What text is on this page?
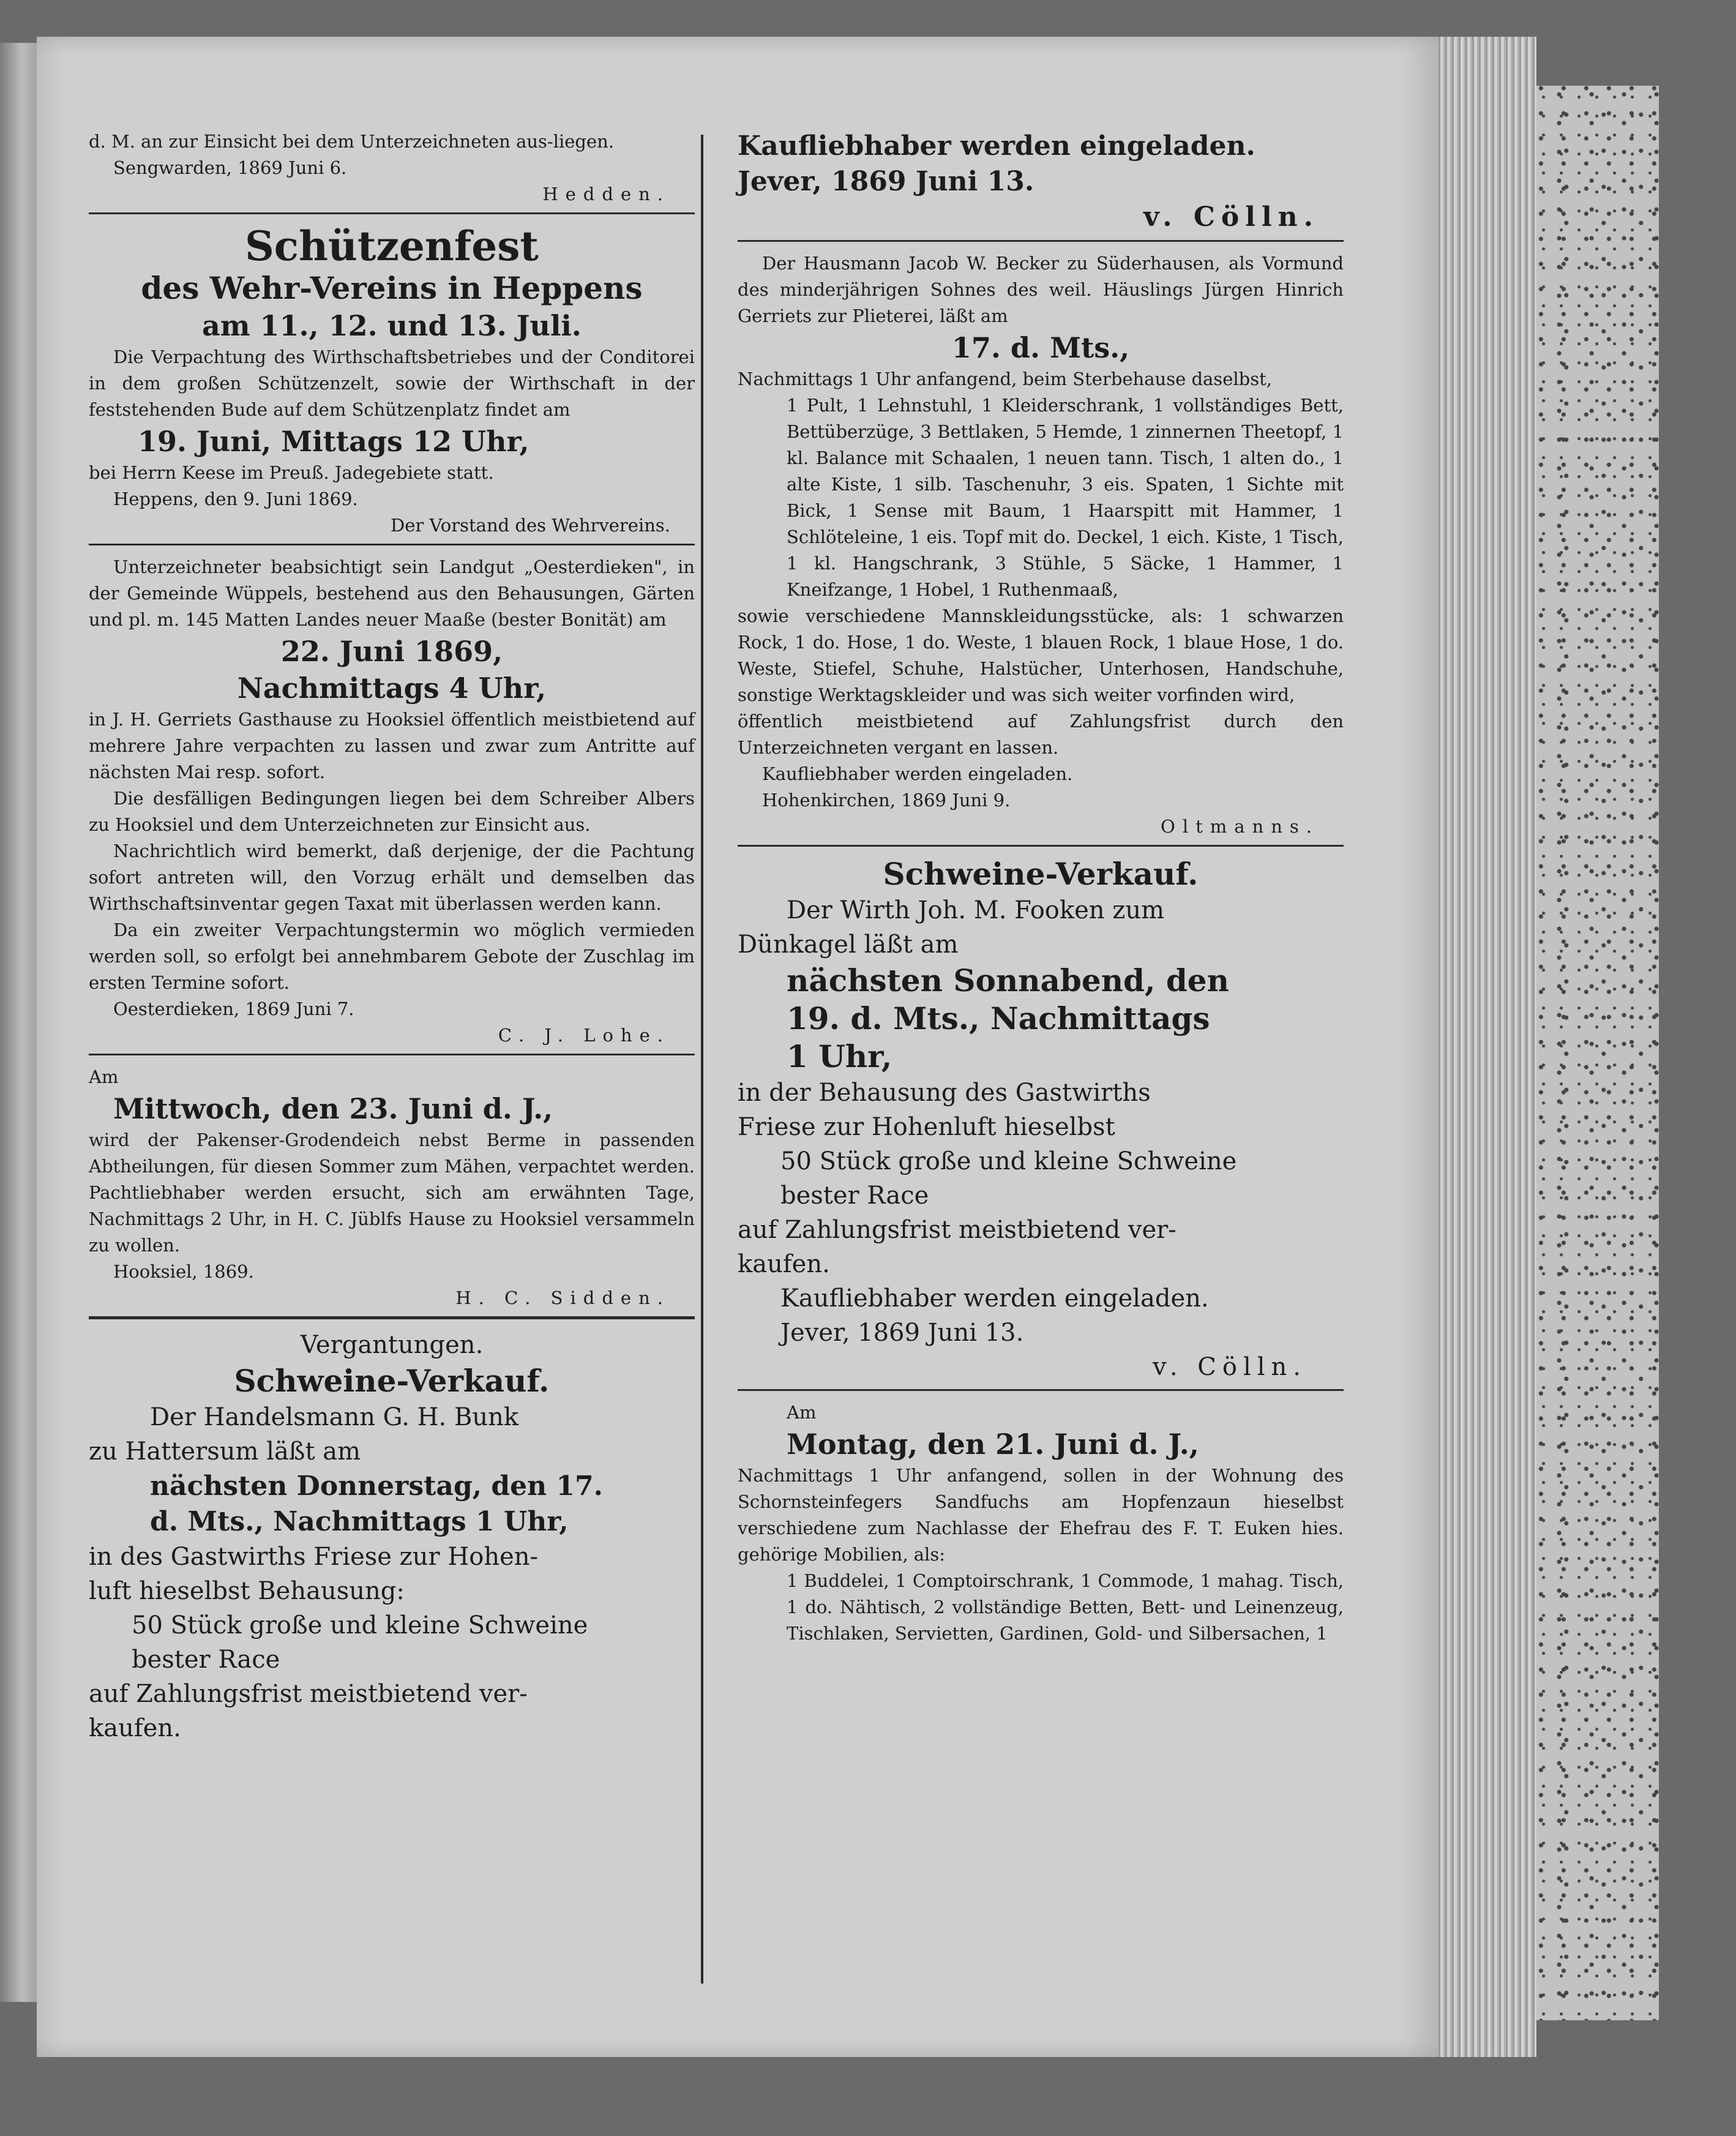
d. M. an zur Einsicht bei dem Unterzeichneten aus-liegen.

Sengwarden, 1869 Juni 6.

Hedden.

Schützenfest
des Wehr-Vereins in Heppens
am 11., 12. und 13. Juli.

Die Verpachtung des Wirthschaftsbetriebes und der Conditorei in dem großen Schützenzelt, sowie der Wirthschaft in der feststehenden Bude auf dem Schützenplatz findet am

19. Juni, Mittags 12 Uhr,

bei Herrn Keese im Preuß. Jadegebiete statt.

Heppens, den 9. Juni 1869.

Der Vorstand des Wehrvereins.

Unterzeichneter beabsichtigt sein Landgut „Oesterdieken", in der Gemeinde Wüppels, bestehend aus den Behausungen, Gärten und pl. m. 145 Matten Landes neuer Maaße (bester Bonität) am

22. Juni 1869,
Nachmittags 4 Uhr,

in J. H. Gerriets Gasthause zu Hooksiel öffentlich meistbietend auf mehrere Jahre verpachten zu lassen und zwar zum Antritte auf nächsten Mai resp. sofort.

Die desfälligen Bedingungen liegen bei dem Schreiber Albers zu Hooksiel und dem Unterzeichneten zur Einsicht aus.

Nachrichtlich wird bemerkt, daß derjenige, der die Pachtung sofort antreten will, den Vorzug erhält und demselben das Wirthschaftsinventar gegen Taxat mit überlassen werden kann.

Da ein zweiter Verpachtungstermin wo möglich vermieden werden soll, so erfolgt bei annehmbarem Gebote der Zuschlag im ersten Termine sofort.

Oesterdieken, 1869 Juni 7.

C. J. Lohe.

Am

Mittwoch, den 23. Juni d. J.,

wird der Pakenser-Grodendeich nebst Berme in passenden Abtheilungen, für diesen Sommer zum Mähen, verpachtet werden. Pachtliebhaber werden ersucht, sich am erwähnten Tage, Nachmittags 2 Uhr, in H. C. Jüblfs Hause zu Hooksiel versammeln zu wollen.

Hooksiel, 1869.

H. C. Sidden.

Vergantungen.
Schweine-Verkauf.
Der Handelsmann G. H. Bunk
zu Hattersum läßt am
nächsten Donnerstag, den 17.
d. Mts., Nachmittags 1 Uhr,
in des Gastwirths Friese zur Hohen-
luft hieselbst Behausung:
50 Stück große und kleine Schweine
bester Race
auf Zahlungsfrist meistbietend ver-
kaufen.
Kaufliebhaber werden eingeladen.
Jever, 1869 Juni 13.
v. Cölln.

Der Hausmann Jacob W. Becker zu Süderhausen, als Vormund des minderjährigen Sohnes des weil. Häuslings Jürgen Hinrich Gerriets zur Plieterei, läßt am

17. d. Mts.,

Nachmittags 1 Uhr anfangend, beim Sterbehause daselbst,

1 Pult, 1 Lehnstuhl, 1 Kleiderschrank, 1 vollständiges Bett, Bettüberzüge, 3 Bettlaken, 5 Hemde, 1 zinnernen Theetopf, 1 kl. Balance mit Schaalen, 1 neuen tann. Tisch, 1 alten do., 1 alte Kiste, 1 silb. Taschenuhr, 3 eis. Spaten, 1 Sichte mit Bick, 1 Sense mit Baum, 1 Haarspitt mit Hammer, 1 Schlöteleine, 1 eis. Topf mit do. Deckel, 1 eich. Kiste, 1 Tisch, 1 kl. Hangschrank, 3 Stühle, 5 Säcke, 1 Hammer, 1 Kneifzange, 1 Hobel, 1 Ruthenmaaß,

sowie verschiedene Mannskleidungsstücke, als: 1 schwarzen Rock, 1 do. Hose, 1 do. Weste, 1 blauen Rock, 1 blaue Hose, 1 do. Weste, Stiefel, Schuhe, Halstücher, Unterhosen, Handschuhe, sonstige Werktagskleider und was sich weiter vorfinden wird,

öffentlich meistbietend auf Zahlungsfrist durch den Unterzeichneten vergant en lassen.

Kaufliebhaber werden eingeladen.

Hohenkirchen, 1869 Juni 9.

Oltmanns.

Schweine-Verkauf.
Der Wirth Joh. M. Fooken zum
Dünkagel läßt am
nächsten Sonnabend, den
19. d. Mts., Nachmittags
1 Uhr,
in der Behausung des Gastwirths
Friese zur Hohenluft hieselbst
50 Stück große und kleine Schweine
bester Race
auf Zahlungsfrist meistbietend ver-
kaufen.
Kaufliebhaber werden eingeladen.
Jever, 1869 Juni 13.
v. Cölln.

Am

Montag, den 21. Juni d. J.,

Nachmittags 1 Uhr anfangend, sollen in der Wohnung des Schornsteinfegers Sandfuchs am Hopfenzaun hieselbst verschiedene zum Nachlasse der Ehefrau des F. T. Euken hies. gehörige Mobilien, als:

1 Buddelei, 1 Comptoirschrank, 1 Commode, 1 mahag. Tisch, 1 do. Nähtisch, 2 vollständige Betten, Bett- und Leinenzeug, Tischlaken, Servietten, Gardinen, Gold- und Silbersachen, 1
